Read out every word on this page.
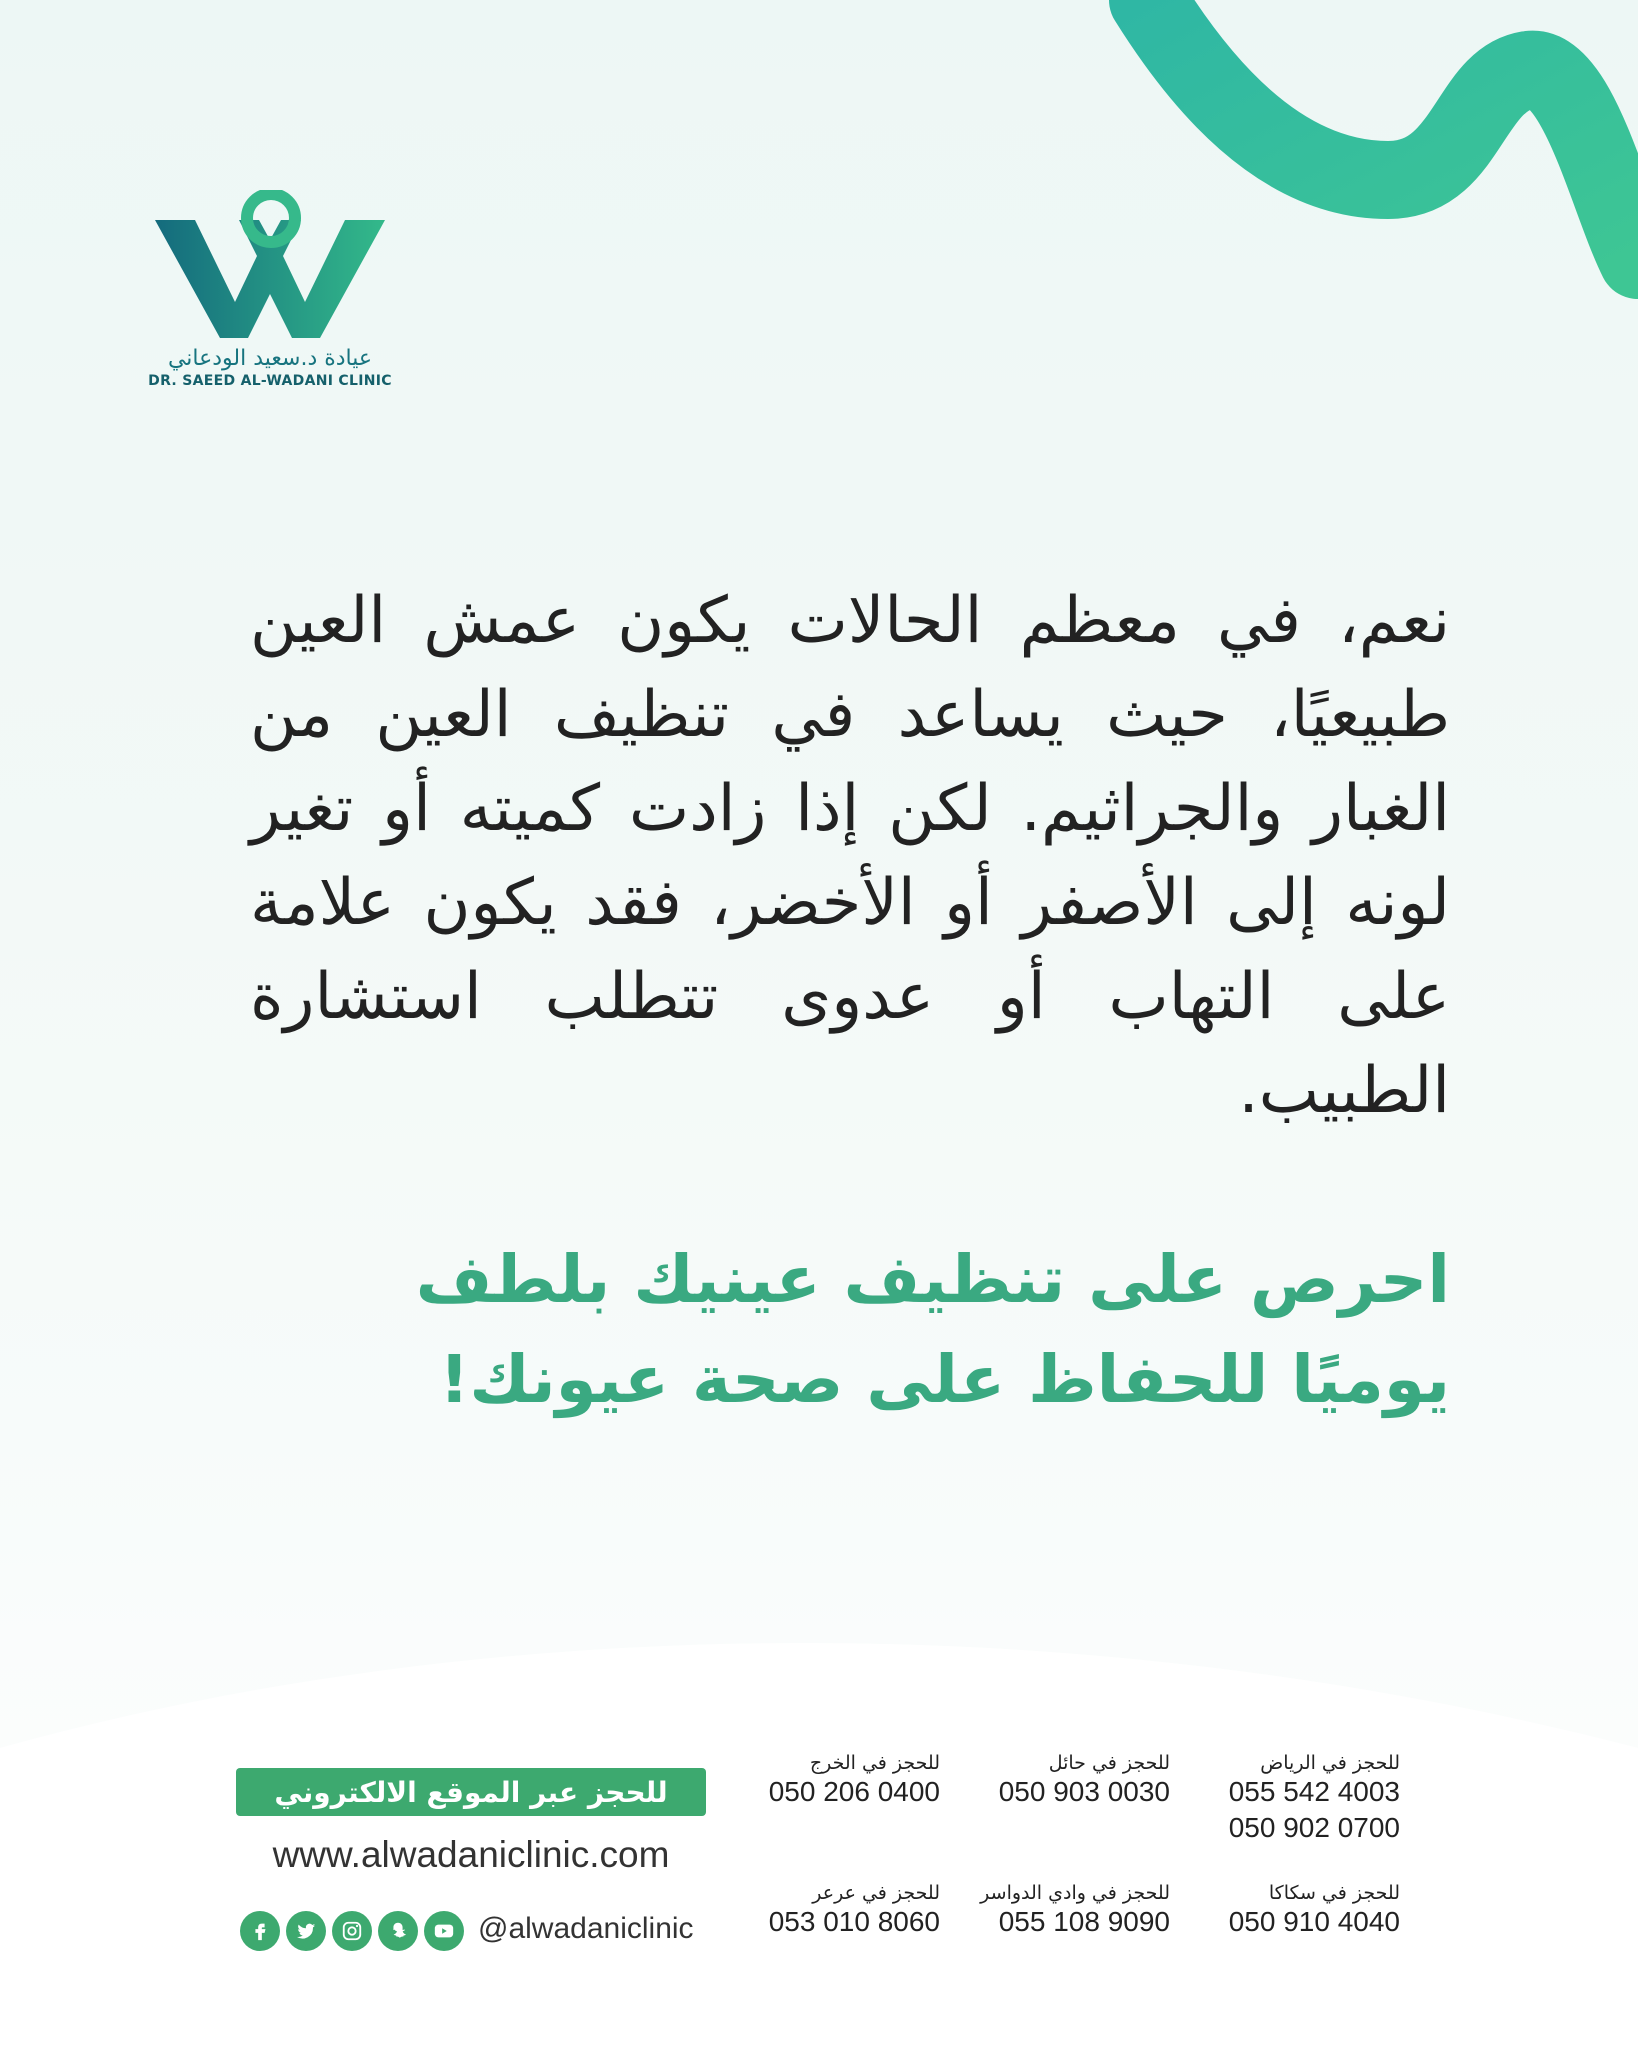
عيادة د.سعيد الودعاني
DR. SAEED AL-WADANI CLINIC
نعم، في معظم الحالات يكون عمش العين طبيعيًا، حيث يساعد في تنظيف العين من الغبار والجراثيم. لكن إذا زادت كميته أو تغير لونه إلى الأصفر أو الأخضر، فقد يكون علامة على التهاب أو عدوى تتطلب استشارة الطبيب.
احرص على تنظيف عينيك بلطف يوميًا للحفاظ على صحة عيونك!
للحجز عبر الموقع الالكتروني
www.alwadaniclinic.com
@alwadaniclinic
للحجز في الرياض
055 542 4003
050 902 0700
للحجز في حائل
050 903 0030
للحجز في الخرج
050 206 0400
للحجز في سكاكا
050 910 4040
للحجز في وادي الدواسر
055 108 9090
للحجز في عرعر
053 010 8060
